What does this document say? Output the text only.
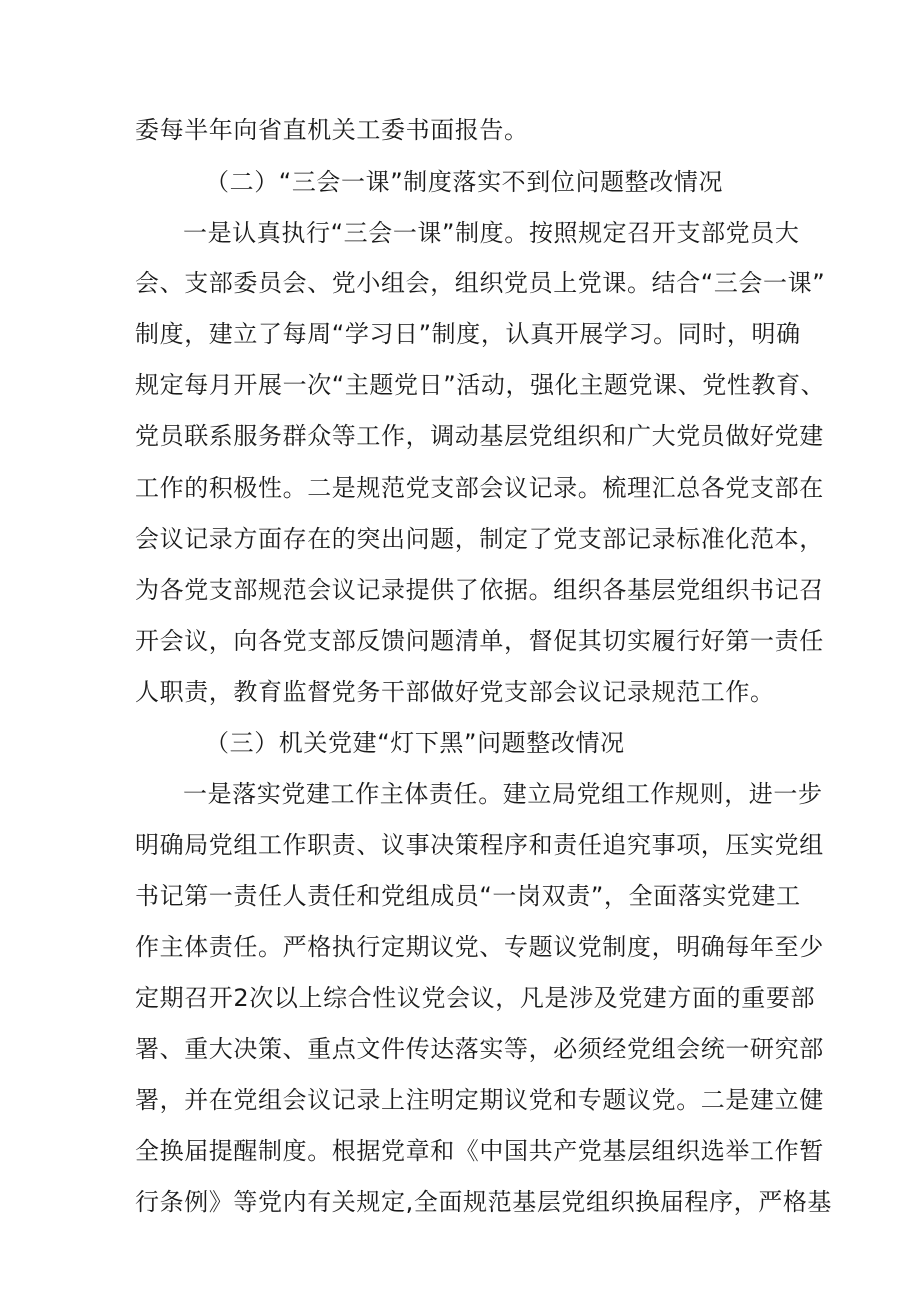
委每半年向省直机关工委书面报告。
（二）“三会一课”制度落实不到位问题整改情况
一是认真执行“三会一课”制度。按照规定召开支部党员大
会、支部委员会、党小组会，组织党员上党课。结合“三会一课”
制度，建立了每周“学习日”制度，认真开展学习。同时，明确
规定每月开展一次“主题党日”活动，强化主题党课、党性教育、
党员联系服务群众等工作，调动基层党组织和广大党员做好党建
工作的积极性。二是规范党支部会议记录。梳理汇总各党支部在
会议记录方面存在的突出问题，制定了党支部记录标准化范本，
为各党支部规范会议记录提供了依据。组织各基层党组织书记召
开会议，向各党支部反馈问题清单，督促其切实履行好第一责任
人职责，教育监督党务干部做好党支部会议记录规范工作。
（三）机关党建“灯下黑”问题整改情况
一是落实党建工作主体责任。建立局党组工作规则，进一步
明确局党组工作职责、议事决策程序和责任追究事项，压实党组
书记第一责任人责任和党组成员“一岗双责”，全面落实党建工
作主体责任。严格执行定期议党、专题议党制度，明确每年至少
定期召开2次以上综合性议党会议，凡是涉及党建方面的重要部
署、重大决策、重点文件传达落实等，必须经党组会统一研究部
署，并在党组会议记录上注明定期议党和专题议党。二是建立健
全换届提醒制度。根据党章和《中国共产党基层组织选举工作暂
行条例》等党内有关规定,全面规范基层党组织换届程序，严格基
